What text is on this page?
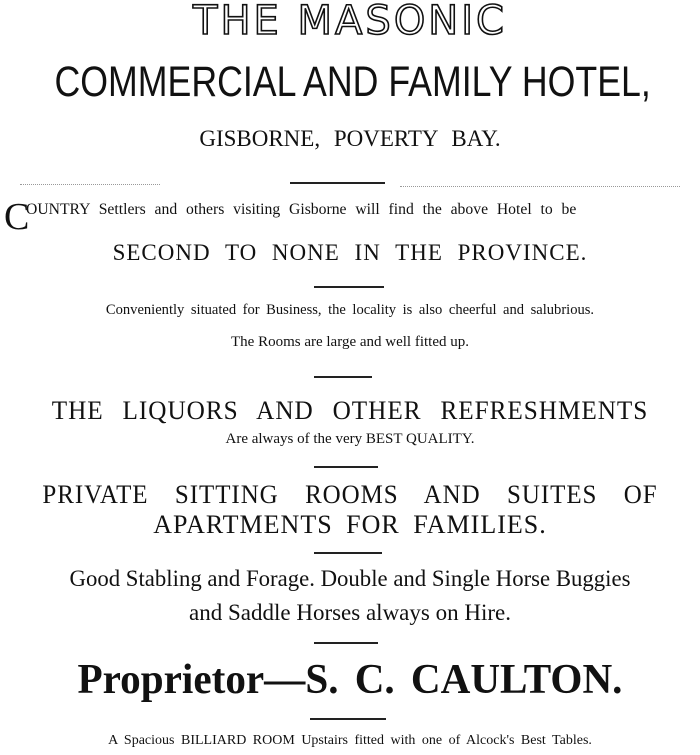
THE MASONIC
COMMERCIAL AND FAMILY HOTEL,
GISBORNE, POVERTY BAY.
C
OUNTRY Settlers and others visiting Gisborne will find the above Hotel to be
SECOND TO NONE IN THE PROVINCE.
Conveniently situated for Business, the locality is also cheerful and salubrious.
The Rooms are large and well fitted up.
THE LIQUORS AND OTHER REFRESHMENTS
Are always of the very BEST QUALITY.
PRIVATE SITTING ROOMS AND SUITES OF
APARTMENTS FOR FAMILIES.
Good Stabling and Forage. Double and Single Horse Buggies
and Saddle Horses always on Hire.
Proprietor—S. C. CAULTON.
A Spacious BILLIARD ROOM Upstairs fitted with one of Alcock's Best Tables.
